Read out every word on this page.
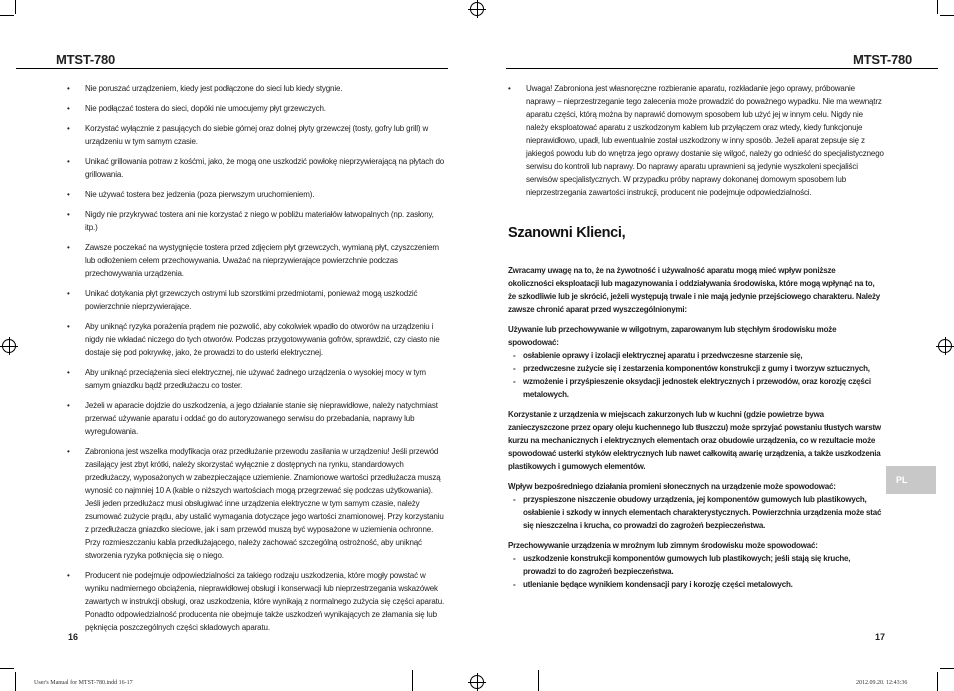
MTST-780	MTST-780
• Nie poruszać urządzeniem, kiedy jest podłączone do sieci lub kiedy stygnie.
• Nie podłączać tostera do sieci, dopóki nie umocujemy płyt grzewczych.
• Korzystać wyłącznie z pasujących do siebie górnej oraz dolnej płyty grzewczej (tosty, gofry lub grill) w urządzeniu w tym samym czasie.
• Unikać grillowania potraw z kośćmi, jako, że mogą one uszkodzić powłokę nieprzywierającą na płytach do grillowania.
• Nie używać tostera bez jedzenia (poza pierwszym uruchomieniem).
• Nigdy nie przykrywać tostera ani nie korzystać z niego w pobliżu materiałów łatwopalnych (np. zasłony, itp.)
• Zawsze poczekać na wystygnięcie tostera przed zdjęciem płyt grzewczych, wymianą płyt, czyszczeniem lub odłożeniem celem przechowywania. Uważać na nieprzywierające powierzchnie podczas przechowywania urządzenia.
• Unikać dotykania płyt grzewczych ostrymi lub szorstkimi przedmiotami, ponieważ mogą uszkodzić powierzchnie nieprzywierające.
• Aby uniknąć ryzyka porażenia prądem nie pozwolić, aby cokolwiek wpadło do otworów na urządzeniu i nigdy nie wkładać niczego do tych otworów. Podczas przygotowywania gofrów, sprawdzić, czy ciasto nie dostaje się pod pokrywkę, jako, że prowadzi to do usterki elektrycznej.
• Aby uniknąć przeciążenia sieci elektrycznej, nie używać żadnego urządzenia o wysokiej mocy w tym samym gniazdku bądź przedłużaczu co toster.
• Jeżeli w aparacie dojdzie do uszkodzenia, a jego działanie stanie się nieprawidłowe, należy natychmiast przerwać używanie aparatu i oddać go do autoryzowanego serwisu do przebadania, naprawy lub wyregulowania.
• Zabroniona jest wszelka modyfikacja oraz przedłużanie przewodu zasilania w urządzeniu! Jeśli przewód zasilający jest zbyt krótki, należy skorzystać wyłącznie z dostępnych na rynku, standardowych przedłużaczy, wyposażonych w zabezpieczające uziemienie. Znamionowe wartości przedłużacza muszą wynosić co najmniej 10 A (kable o niższych wartościach mogą przegrzewać się podczas użytkowania). Jeśli jeden przedłużacz musi obsługiwać inne urządzenia elektryczne w tym samym czasie, należy zsumować zużycie prądu, aby ustalić wymagania dotyczące jego wartości znamionowej. Przy korzystaniu z przedłużacza gniazdko sieciowe, jak i sam przewód muszą być wyposażone w uziemienia ochronne. Przy rozmieszczaniu kabla przedłużającego, należy zachować szczególną ostrożność, aby uniknąć stworzenia ryzyka potknięcia się o niego.
• Producent nie podejmuje odpowiedzialności za takiego rodzaju uszkodzenia, które mogły powstać w wyniku nadmiernego obciążenia, nieprawidłowej obsługi i konserwacji lub nieprzestrzegania wskazówek zawartych w instrukcji obsługi, oraz uszkodzenia, które wynikają z normalnego zużycia się części aparatu. Ponadto odpowiedzialność producenta nie obejmuje także uszkodzeń wynikających ze złamania się lub pęknięcia poszczególnych części składowych aparatu.
16
• Uwaga! Zabroniona jest własnoręczne rozbieranie aparatu, rozkładanie jego oprawy, próbowanie naprawy – nieprzestrzeganie tego zalecenia może prowadzić do poważnego wypadku. Nie ma wewnątrz aparatu części, którą można by naprawić domowym sposobem lub użyć jej w innym celu. Nigdy nie należy eksploatować aparatu z uszkodzonym kablem lub przyłączem oraz wtedy, kiedy funkcjonuje nieprawidłowo, upadł, lub ewentualnie został uszkodzony w inny sposób. Jeżeli aparat zepsuje się z jakiegoś powodu lub do wnętrza jego oprawy dostanie się wilgoć, należy go odnieść do specjalistycznego serwisu do kontroli lub naprawy. Do naprawy aparatu uprawnieni są jedynie wyszkoleni specjaliści serwisów specjalistycznych. W przypadku próby naprawy dokonanej domowym sposobem lub nieprzestrzegania zawartości instrukcji, producent nie podejmuje odpowiedzialności.
Szanowni Klienci,

Zwracamy uwagę na to, że na żywotność i używalność aparatu mogą mieć wpływ poniższe okoliczności eksploatacji lub magazynowania i oddziaływania środowiska, które mogą wpłynąć na to, że szkodliwie lub je skrócić, jeżeli występują trwale i nie mają jedynie przejściowego charakteru. Należy zawsze chronić aparat przed wyszczególnionymi:

Używanie lub przechowywanie w wilgotnym, zaparowanym lub stęchłym środowisku może spowodować:

- osłabienie oprawy i izolacji elektrycznej aparatu i przedwczesne starzenie się,
- przedwczesne zużycie się i zestarzenia komponentów konstrukcji z gumy i tworzyw sztucznych,
- wzmożenie i przyśpieszenie oksydacji jednostek elektrycznych i przewodów, oraz korozję części metalowych.

Korzystanie z urządzenia w miejscach zakurzonych lub w kuchni (gdzie powietrze bywa zanieczyszczone przez opary oleju kuchennego lub tłuszczu) może sprzyjać powstaniu tłustych warstw kurzu na mechanicznych i elektrycznych elementach oraz obudowie urządzenia, co w rezultacie może spowodować usterki styków elektrycznych lub nawet całkowitą awarię urządzenia, a także uszkodzenia plastikowych i gumowych elementów.

Wpływ bezpośredniego działania promieni słonecznych na urządzenie może spowodować:

- przyspieszone niszczenie obudowy urządzenia, jej komponentów gumowych lub plastikowych, osłabienie i szkody w innych elementach charakterystycznych. Powierzchnia urządzenia może stać się nieszczelna i krucha, co prowadzi do zagrożeń bezpieczeństwa.

Przechowywanie urządzenia w mroźnym lub zimnym środowisku może spowodować:

- uszkodzenie konstrukcji komponentów gumowych lub plastikowych; jeśli stają się kruche, prowadzi to do zagrożeń bezpieczeństwa.
- utlenianie będące wynikiem kondensacji pary i korozję części metalowych.
PL
17
User's Manual for MTST-780.indd 16-17	2012.09.20. 12:43:36
